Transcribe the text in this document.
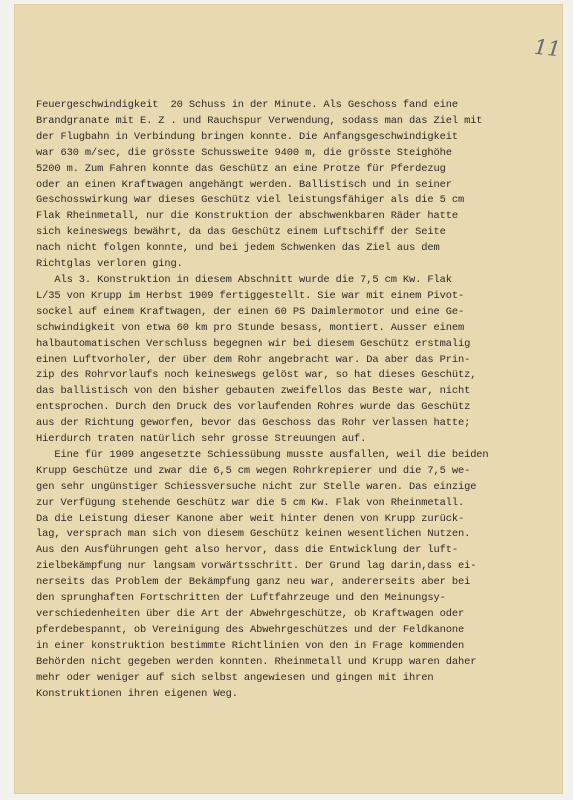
11
Feuergeschwindigkeit  20 Schuss in der Minute. Als Geschoss fand eine
Brandgranate mit E. Z . und Rauchspur Verwendung, sodass man das Ziel mit
der Flugbahn in Verbindung bringen konnte. Die Anfangsgeschwindigkeit
war 630 m/sec, die grösste Schussweite 9400 m, die grösste Steighöhe
5200 m. Zum Fahren konnte das Geschütz an eine Protze für Pferdezug
oder an einen Kraftwagen angehängt werden. Ballistisch und in seiner
Geschosswirkung war dieses Geschütz viel leistungsfähiger als die 5 cm
Flak Rheinmetall, nur die Konstruktion der abschwenkbaren Räder hatte
sich keineswegs bewährt, da das Geschütz einem Luftschiff der Seite
nach nicht folgen konnte, und bei jedem Schwenken das Ziel aus dem
Richtglas verloren ging.
Als 3. Konstruktion in diesem Abschnitt wurde die 7,5 cm Kw. Flak
L/35 von Krupp im Herbst 1909 fertiggestellt. Sie war mit einem Pivot-
sockel auf einem Kraftwagen, der einen 60 PS Daimlermotor und eine Ge-
schwindigkeit von etwa 60 km pro Stunde besass, montiert. Ausser einem
halbautomatischen Verschluss begegnen wir bei diesem Geschütz erstmalig
einen Luftvorholer, der über dem Rohr angebracht war. Da aber das Prin-
zip des Rohrvorlaufs noch keineswegs gelöst war, so hat dieses Geschütz,
das ballistisch von den bisher gebauten zweifellos das Beste war, nicht
entsprochen. Durch den Druck des vorlaufenden Rohres wurde das Geschütz
aus der Richtung geworfen, bevor das Geschoss das Rohr verlassen hatte;
Hierdurch traten natürlich sehr grosse Streuungen auf.
Eine für 1909 angesetzte Schiessübung musste ausfallen, weil die beiden
Krupp Geschütze und zwar die 6,5 cm wegen Rohrkrepierer und die 7,5 we-
gen sehr ungünstiger Schiessversuche nicht zur Stelle waren. Das einzige
zur Verfügung stehende Geschütz war die 5 cm Kw. Flak von Rheinmetall.
Da die Leistung dieser Kanone aber weit hinter denen von Krupp zurück-
lag, versprach man sich von diesem Geschütz keinen wesentlichen Nutzen.
Aus den Ausführungen geht also hervor, dass die Entwicklung der luft-
zielbekämpfung nur langsam vorwärtsschritt. Der Grund lag darin,dass ei-
nerseits das Problem der Bekämpfung ganz neu war, andererseits aber bei
den sprunghaften Fortschritten der Luftfahrzeuge und den Meinungsy-
verschiedenheiten über die Art der Abwehrgeschütze, ob Kraftwagen oder
pferdebespannt, ob Vereinigung des Abwehrgeschützes und der Feldkanone
in einer konstruktion bestimmte Richtlinien von den in Frage kommenden
Behörden nicht gegeben werden konnten. Rheinmetall und Krupp waren daher
mehr oder weniger auf sich selbst angewiesen und gingen mit ihren
Konstruktionen ihren eigenen Weg.
